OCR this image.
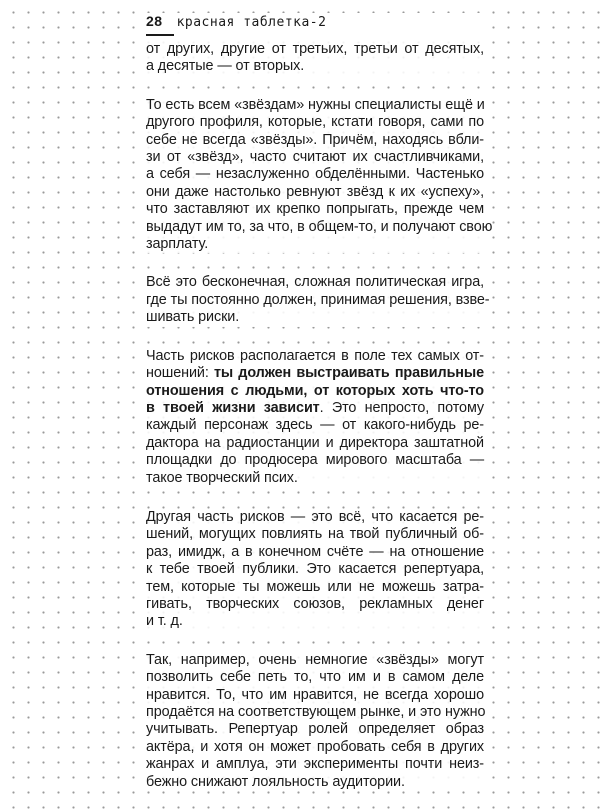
28 красная таблетка-2

от других, другие от третьих, третьи от десятых,
а десятые — от вторых.

То есть всем «звёздам» нужны специалисты ещё и
другого профиля, которые, кстати говоря, сами по
себе не всегда «звёзды». Причём, находясь вбли-
зи от «звёзд», часто считают их счастливчиками,
а себя — незаслуженно обделёнными. Частенько
они даже настолько ревнуют звёзд к их «успеху»,
что заставляют их крепко попрыгать, прежде чем
выдадут им то, за что, в общем-то, и получают свою
зарплату.

Всё это бесконечная, сложная политическая игра,
где ты постоянно должен, принимая решения, взве-
шивать риски.

Часть рисков располагается в поле тех самых от-
ношений: ты должен выстраивать правильные
отношения с людьми, от которых хоть что-то
в твоей жизни зависит. Это непросто, потому
каждый персонаж здесь — от какого-нибудь ре-
дактора на радиостанции и директора заштатной
площадки до продюсера мирового масштаба —
такое творческий псих.

Другая часть рисков — это всё, что касается ре-
шений, могущих повлиять на твой публичный об-
раз, имидж, а в конечном счёте — на отношение
к тебе твоей публики. Это касается репертуара,
тем, которые ты можешь или не можешь затра-
гивать, творческих союзов, рекламных денег
и т. д.

Так, например, очень немногие «звёзды» могут
позволить себе петь то, что им и в самом деле
нравится. То, что им нравится, не всегда хорошо
продаётся на соответствующем рынке, и это нужно
учитывать. Репертуар ролей определяет образ
актёра, и хотя он может пробовать себя в других
жанрах и амплуа, эти эксперименты почти неиз-
бежно снижают лояльность аудитории.
